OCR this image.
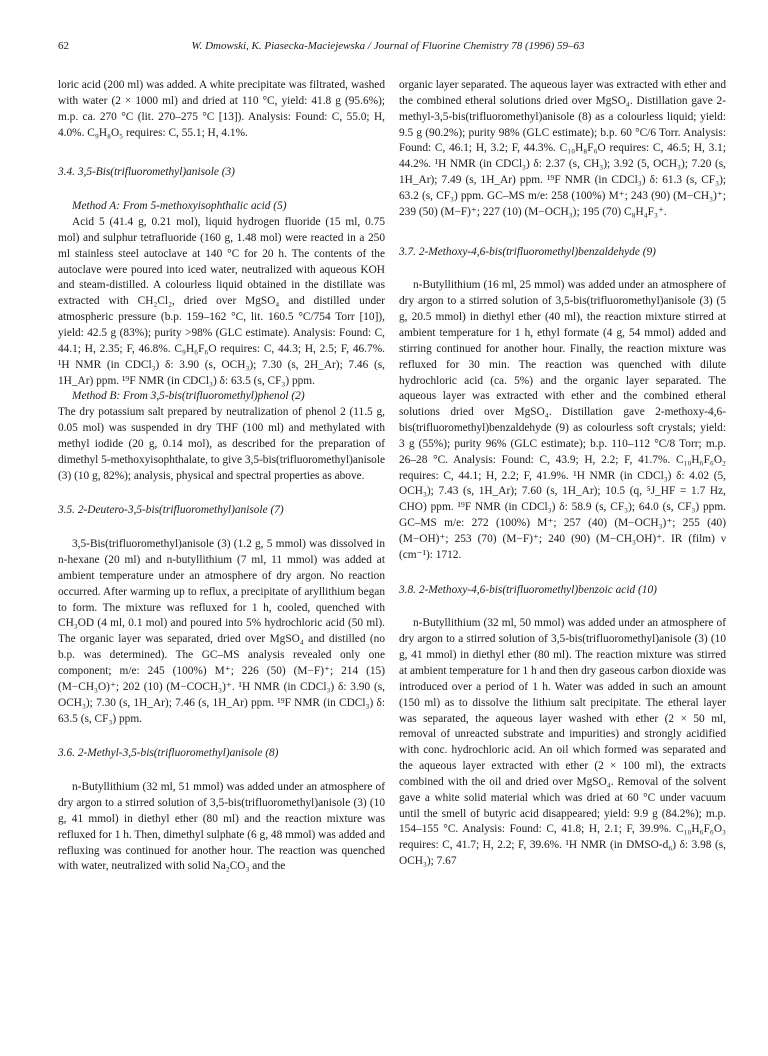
62	W. Dmowski, K. Piasecka-Maciejewska / Journal of Fluorine Chemistry 78 (1996) 59–63

loric acid (200 ml) was added. A white precipitate was filtrated, washed with water (2 × 1000 ml) and dried at 110 °C, yield: 41.8 g (95.6%); m.p. ca. 270 °C (lit. 270–275 °C [13]). Analysis: Found: C, 55.0; H, 4.0%. C₉H₈O₅ requires: C, 55.1; H, 4.1%.

3.4. 3,5-Bis(trifluoromethyl)anisole (3)

Method A: From 5-methoxyisophthalic acid (5)

Acid 5 (41.4 g, 0.21 mol), liquid hydrogen fluoride (15 ml, 0.75 mol) and sulphur tetrafluoride (160 g, 1.48 mol) were reacted in a 250 ml stainless steel autoclave at 140 °C for 20 h. The contents of the autoclave were poured into iced water, neutralized with aqueous KOH and steam-distilled. A colourless liquid obtained in the distillate was extracted with CH₂Cl₂, dried over MgSO₄ and distilled under atmospheric pressure (b.p. 159–162 °C, lit. 160.5 °C/754 Torr [10]), yield: 42.5 g (83%); purity >98% (GLC estimate). Analysis: Found: C, 44.1; H, 2.35; F, 46.8%. C₉H₆F₆O requires: C, 44.3; H, 2.5; F, 46.7%. ¹H NMR (in CDCl₃) δ: 3.90 (s, OCH₃); 7.30 (s, 2H_Ar); 7.46 (s, 1H_Ar) ppm. ¹⁹F NMR (in CDCl₃) δ: 63.5 (s, CF₃) ppm.

Method B: From 3,5-bis(trifluoromethyl)phenol (2)

The dry potassium salt prepared by neutralization of phenol 2 (11.5 g, 0.05 mol) was suspended in dry THF (100 ml) and methylated with methyl iodide (20 g, 0.14 mol), as described for the preparation of dimethyl 5-methoxyisophthalate, to give 3,5-bis(trifluoromethyl)anisole (3) (10 g, 82%); analysis, physical and spectral properties as above.

3.5. 2-Deutero-3,5-bis(trifluoromethyl)anisole (7)

3,5-Bis(trifluoromethyl)anisole (3) (1.2 g, 5 mmol) was dissolved in n-hexane (20 ml) and n-butyllithium (7 ml, 11 mmol) was added at ambient temperature under an atmosphere of dry argon. No reaction occurred. After warming up to reflux, a precipitate of aryllithium began to form. The mixture was refluxed for 1 h, cooled, quenched with CH₃OD (4 ml, 0.1 mol) and poured into 5% hydrochloric acid (50 ml). The organic layer was separated, dried over MgSO₄ and distilled (no b.p. was determined). The GC–MS analysis revealed only one component; m/e: 245 (100%) M⁺; 226 (50) (M−F)⁺; 214 (15) (M−CH₃O)⁺; 202 (10) (M−COCH₃)⁺. ¹H NMR (in CDCl₃) δ: 3.90 (s, OCH₃); 7.30 (s, 1H_Ar); 7.46 (s, 1H_Ar) ppm. ¹⁹F NMR (in CDCl₃) δ: 63.5 (s, CF₃) ppm.

3.6. 2-Methyl-3,5-bis(trifluoromethyl)anisole (8)

n-Butyllithium (32 ml, 51 mmol) was added under an atmosphere of dry argon to a stirred solution of 3,5-bis(trifluoromethyl)anisole (3) (10 g, 41 mmol) in diethyl ether (80 ml) and the reaction mixture was refluxed for 1 h. Then, dimethyl sulphate (6 g, 48 mmol) was added and refluxing was continued for another hour. The reaction was quenched with water, neutralized with solid Na₂CO₃ and the

organic layer separated. The aqueous layer was extracted with ether and the combined etheral solutions dried over MgSO₄. Distillation gave 2-methyl-3,5-bis(trifluoromethyl)anisole (8) as a colourless liquid; yield: 9.5 g (90.2%); purity 98% (GLC estimate); b.p. 60 °C/6 Torr. Analysis: Found: C, 46.1; H, 3.2; F, 44.3%. C₁₀H₈F₆O requires: C, 46.5; H, 3.1; 44.2%. ¹H NMR (in CDCl₃) δ: 2.37 (s, CH₃); 3.92 (5, OCH₃); 7.20 (s, 1H_Ar); 7.49 (s, 1H_Ar) ppm. ¹⁹F NMR (in CDCl₃) δ: 61.3 (s, CF₃); 63.2 (s, CF₃) ppm. GC–MS m/e: 258 (100%) M⁺; 243 (90) (M−CH₃)⁺; 239 (50) (M−F)⁺; 227 (10) (M−OCH₃); 195 (70) C₈H₄F₃⁺.

3.7. 2-Methoxy-4,6-bis(trifluoromethyl)benzaldehyde (9)

n-Butyllithium (16 ml, 25 mmol) was added under an atmosphere of dry argon to a stirred solution of 3,5-bis(trifluoromethyl)anisole (3) (5 g, 20.5 mmol) in diethyl ether (40 ml), the reaction mixture stirred at ambient temperature for 1 h, ethyl formate (4 g, 54 mmol) added and stirring continued for another hour. Finally, the reaction mixture was refluxed for 30 min. The reaction was quenched with dilute hydrochloric acid (ca. 5%) and the organic layer separated. The aqueous layer was extracted with ether and the combined etheral solutions dried over MgSO₄. Distillation gave 2-methoxy-4,6-bis(trifluoromethyl)benzaldehyde (9) as colourless soft crystals; yield: 3 g (55%); purity 96% (GLC estimate); b.p. 110–112 °C/8 Torr; m.p. 26–28 °C. Analysis: Found: C, 43.9; H, 2.2; F, 41.7%. C₁₀H₆F₆O₂ requires: C, 44.1; H, 2.2; F, 41.9%. ¹H NMR (in CDCl₃) δ: 4.02 (5, OCH₃); 7.43 (s, 1H_Ar); 7.60 (s, 1H_Ar); 10.5 (q, ⁵J_HF = 1.7 Hz, CHO) ppm. ¹⁹F NMR (in CDCl₃) δ: 58.9 (s, CF₃); 64.0 (s, CF₃) ppm. GC–MS m/e: 272 (100%) M⁺; 257 (40) (M−OCH₃)⁺; 255 (40) (M−OH)⁺; 253 (70) (M−F)⁺; 240 (90) (M−CH₃OH)⁺. IR (film) ν (cm⁻¹): 1712.

3.8. 2-Methoxy-4,6-bis(trifluoromethyl)benzoic acid (10)

n-Butyllithium (32 ml, 50 mmol) was added under an atmosphere of dry argon to a stirred solution of 3,5-bis(trifluoromethyl)anisole (3) (10 g, 41 mmol) in diethyl ether (80 ml). The reaction mixture was stirred at ambient temperature for 1 h and then dry gaseous carbon dioxide was introduced over a period of 1 h. Water was added in such an amount (150 ml) as to dissolve the lithium salt precipitate. The etheral layer was separated, the aqueous layer washed with ether (2 × 50 ml, removal of unreacted substrate and impurities) and strongly acidified with conc. hydrochloric acid. An oil which formed was separated and the aqueous layer extracted with ether (2 × 100 ml), the extracts combined with the oil and dried over MgSO₄. Removal of the solvent gave a white solid material which was dried at 60 °C under vacuum until the smell of butyric acid disappeared; yield: 9.9 g (84.2%); m.p. 154–155 °C. Analysis: Found: C, 41.8; H, 2.1; F, 39.9%. C₁₀H₆F₆O₃ requires: C, 41.7; H, 2.2; F, 39.6%. ¹H NMR (in DMSO-d₆) δ: 3.98 (s, OCH₃); 7.67
